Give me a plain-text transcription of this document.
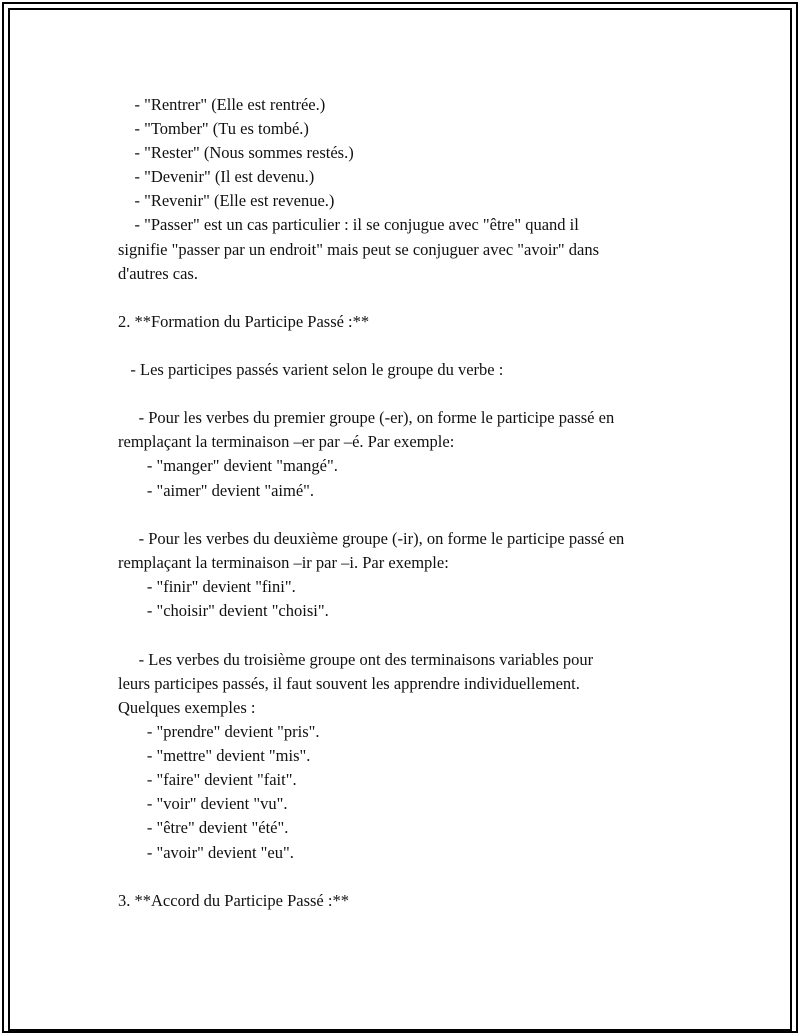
- "Rentrer" (Elle est rentrée.)
- "Tomber" (Tu es tombé.)
- "Rester" (Nous sommes restés.)
- "Devenir" (Il est devenu.)
- "Revenir" (Elle est revenue.)
- "Passer" est un cas particulier : il se conjugue avec "être" quand il
signifie "passer par un endroit" mais peut se conjuguer avec "avoir" dans
d'autres cas.
2. **Formation du Participe Passé :**
- Les participes passés varient selon le groupe du verbe :
- Pour les verbes du premier groupe (-er), on forme le participe passé en
remplaçant la terminaison –er par –é. Par exemple:
- "manger" devient "mangé".
- "aimer" devient "aimé".
- Pour les verbes du deuxième groupe (-ir), on forme le participe passé en
remplaçant la terminaison –ir par –i. Par exemple:
- "finir" devient "fini".
- "choisir" devient "choisi".
- Les verbes du troisième groupe ont des terminaisons variables pour
leurs participes passés, il faut souvent les apprendre individuellement.
Quelques exemples :
- "prendre" devient "pris".
- "mettre" devient "mis".
- "faire" devient "fait".
- "voir" devient "vu".
- "être" devient "été".
- "avoir" devient "eu".
3. **Accord du Participe Passé :**
